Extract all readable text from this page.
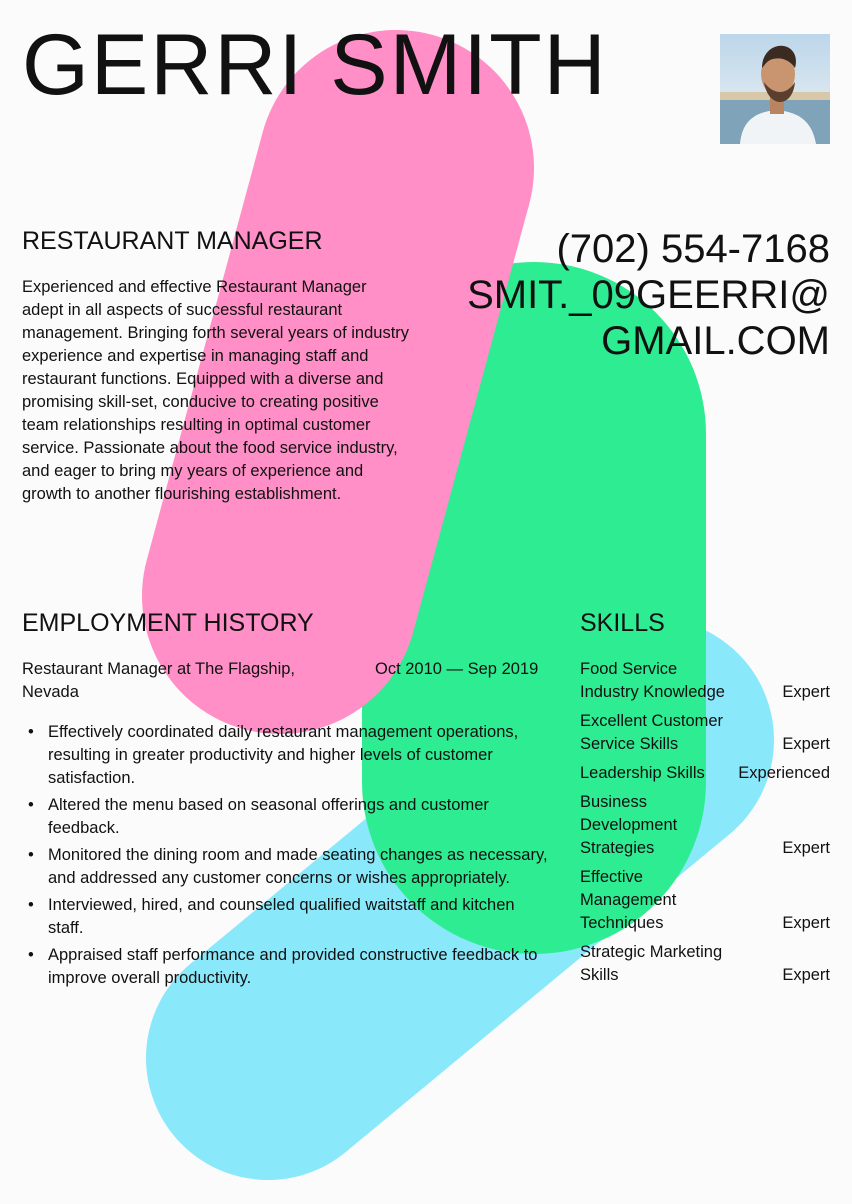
GERRI SMITH
RESTAURANT MANAGER
Experienced and effective Restaurant Manager adept in all aspects of successful restaurant management. Bringing forth several years of industry experience and expertise in managing staff and restaurant functions. Equipped with a diverse and promising skill-set, conducive to creating positive team relationships resulting in optimal customer service. Passionate about the food service industry, and eager to bring my years of experience and growth to another flourishing establishment.
(702) 554-7168
SMIT._09GEERRI@
GMAIL.COM
EMPLOYMENT HISTORY	SKILLS
Restaurant Manager at The Flagship, Nevada
Oct 2010 — Sep 2019
• Effectively coordinated daily restaurant management operations, resulting in greater productivity and higher levels of customer satisfaction.
• Altered the menu based on seasonal offerings and customer feedback.
• Monitored the dining room and made seating changes as necessary, and addressed any customer concerns or wishes appropriately.
• Interviewed, hired, and counseled qualified waitstaff and kitchen staff.
• Appraised staff performance and provided constructive feedback to improve overall productivity.
Food Service Industry Knowledge	Expert
Excellent Customer Service Skills	Expert
Leadership Skills	Experienced
Business Development Strategies	Expert
Effective Management Techniques	Expert
Strategic Marketing Skills	Expert
